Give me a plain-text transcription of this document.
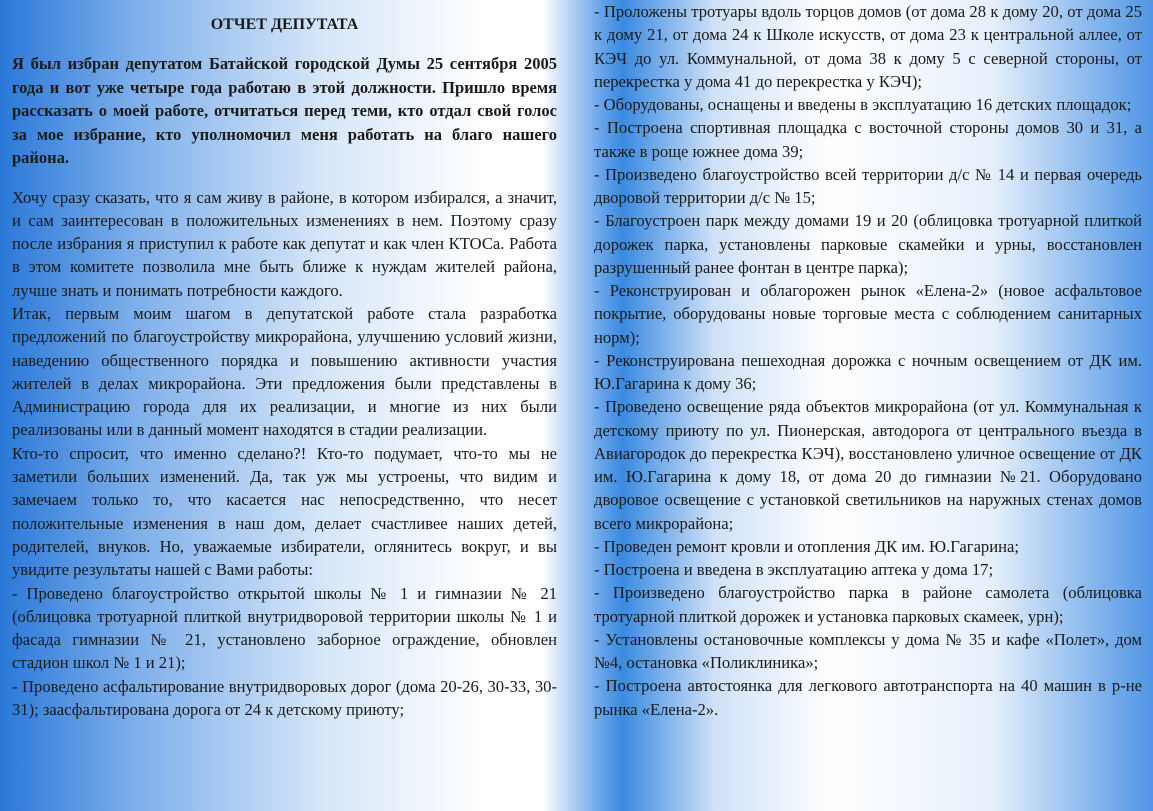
ОТЧЕТ ДЕПУТАТА

Я был избран депутатом Батайской городской Думы 25 сентября 2005 года и вот уже четыре года работаю в этой должности. Пришло время рассказать о моей работе, отчитаться перед теми, кто отдал свой голос за мое избрание, кто уполномочил меня работать на благо нашего района.

Хочу сразу сказать, что я сам живу в районе, в котором избирался, а значит, и сам заинтересован в положительных изменениях в нем. Поэтому сразу после избрания я приступил к работе как депутат и как член КТОСа. Работа в этом комитете позволила мне быть ближе к нуждам жителей района, лучше знать и понимать потребности каждого.

Итак, первым моим шагом в депутатской работе стала разработка предложений по благоустройству микрорайона, улучшению условий жизни, наведению общественного порядка и повышению активности участия жителей в делах микрорайона. Эти предложения были представлены в Администрацию города для их реализации, и многие из них были реализованы или в данный момент находятся в стадии реализации.

Кто-то спросит, что именно сделано?! Кто-то подумает, что-то мы не заметили больших изменений. Да, так уж мы устроены, что видим и замечаем только то, что касается нас непосредственно, что несет положительные изменения в наш дом, делает счастливее наших детей, родителей, внуков. Но, уважаемые избиратели, оглянитесь вокруг, и вы увидите результаты нашей с Вами работы:

- Проведено благоустройство открытой школы № 1 и гимназии № 21 (облицовка тротуарной плиткой внутридворовой территории школы № 1 и фасада гимназии № 21, установлено заборное ограждение, обновлен стадион школ № 1 и 21);

- Проведено асфальтирование внутридворовых дорог (дома 20-26, 30-33, 30-31); заасфальтирована дорога от 24 к детскому приюту;

- Проложены тротуары вдоль торцов домов (от дома 28 к дому 20, от дома 25 к дому 21, от дома 24 к Школе искусств, от дома 23 к центральной аллее, от КЭЧ до ул. Коммунальной, от дома 38 к дому 5 с северной стороны, от перекрестка у дома 41 до перекрестка у КЭЧ);

- Оборудованы, оснащены и введены в эксплуатацию 16 детских площадок;

- Построена спортивная площадка с восточной стороны домов 30 и 31, а также в роще южнее дома 39;

- Произведено благоустройство всей территории д/с № 14 и первая очередь дворовой территории д/с № 15;

- Благоустроен парк между домами 19 и 20 (облицовка тротуарной плиткой дорожек парка, установлены парковые скамейки и урны, восстановлен разрушенный ранее фонтан в центре парка);

- Реконструирован и облагорожен рынок «Елена-2» (новое асфальтовое покрытие, оборудованы новые торговые места с соблюдением санитарных норм);

- Реконструирована пешеходная дорожка с ночным освещением от ДК им. Ю.Гагарина к дому 36;

- Проведено освещение ряда объектов микрорайона (от ул. Коммунальная к детскому приюту по ул. Пионерская, автодорога от центрального въезда в Авиагородок до перекрестка КЭЧ), восстановлено уличное освещение от ДК им. Ю.Гагарина к дому 18, от дома 20 до гимназии №21. Оборудовано дворовое освещение с установкой светильников на наружных стенах домов всего микрорайона;

- Проведен ремонт кровли и отопления ДК им. Ю.Гагарина;

- Построена и введена в эксплуатацию аптека у дома 17;

- Произведено благоустройство парка в районе самолета (облицовка тротуарной плиткой дорожек и установка парковых скамеек, урн);

- Установлены остановочные комплексы у дома № 35 и кафе «Полет», дом №4, остановка «Поликлиника»;

- Построена автостоянка для легкового автотранспорта на 40 машин в р-не рынка «Елена-2».
